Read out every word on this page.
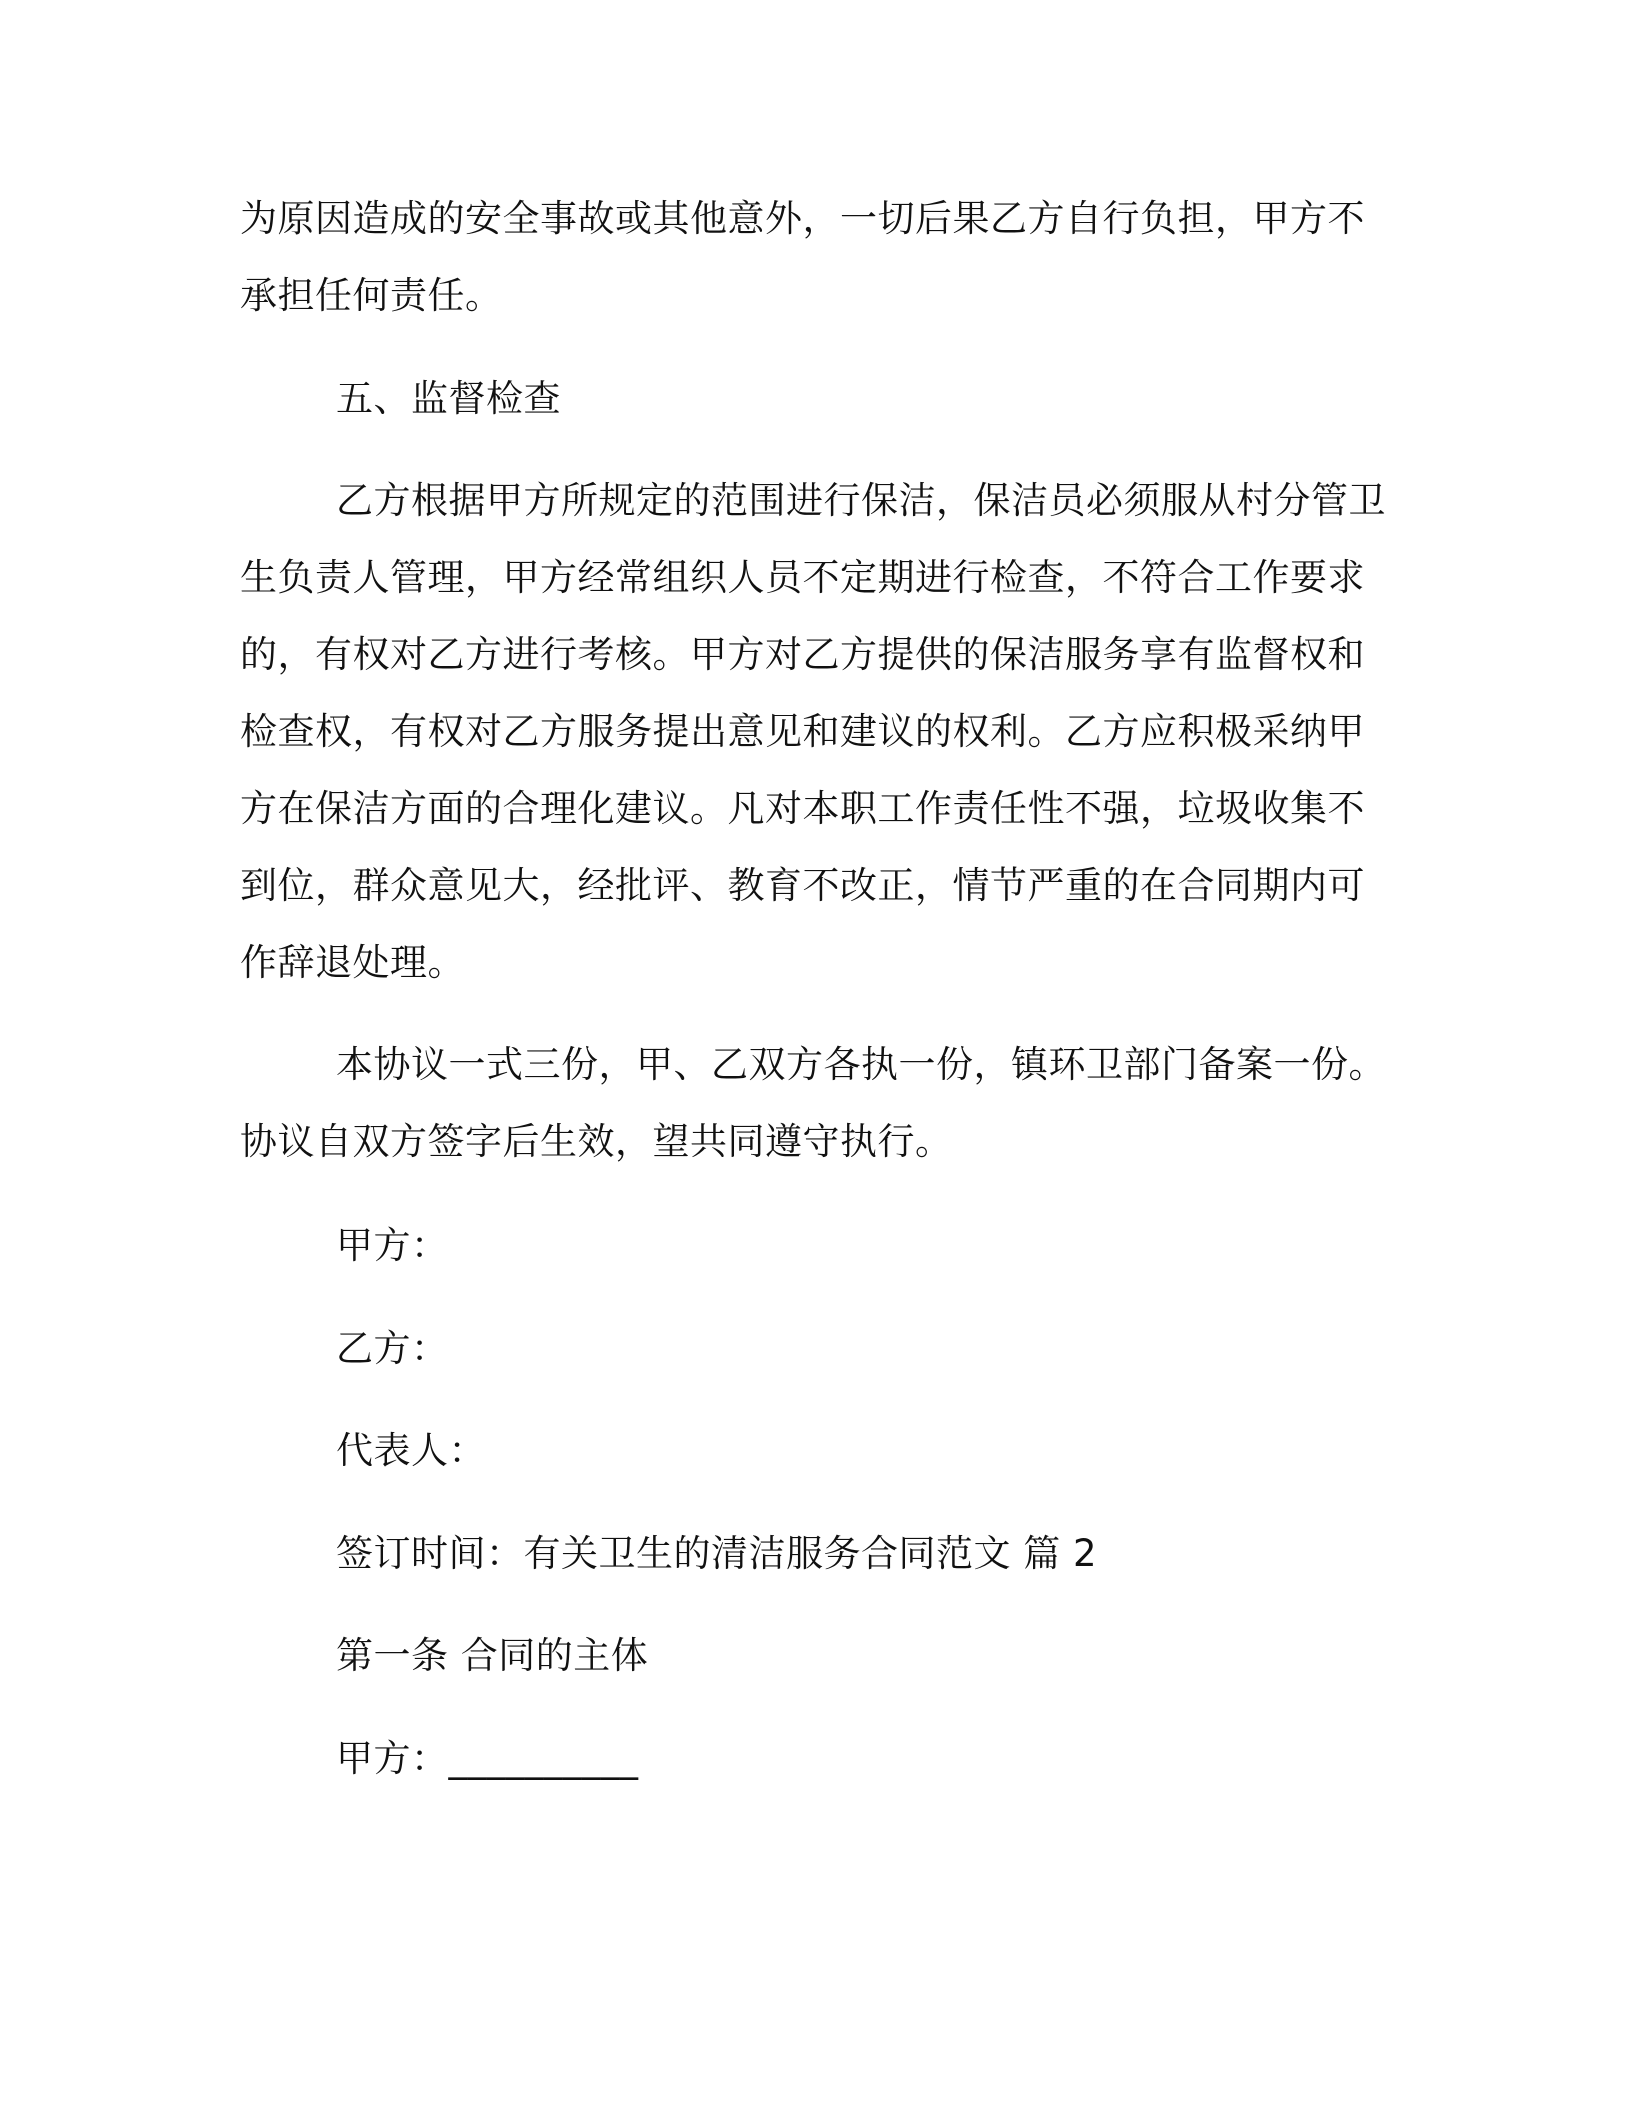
为原因造成的安全事故或其他意外，一切后果乙方自行负担，甲方不
承担任何责任。
五、监督检查
乙方根据甲方所规定的范围进行保洁，保洁员必须服从村分管卫
生负责人管理，甲方经常组织人员不定期进行检查，不符合工作要求
的，有权对乙方进行考核。甲方对乙方提供的保洁服务享有监督权和
检查权，有权对乙方服务提出意见和建议的权利。乙方应积极采纳甲
方在保洁方面的合理化建议。凡对本职工作责任性不强，垃圾收集不
到位，群众意见大，经批评、教育不改正，情节严重的在合同期内可
作辞退处理。
本协议一式三份，甲、乙双方各执一份，镇环卫部门备案一份。
协议自双方签字后生效，望共同遵守执行。
甲方：
乙方：
代表人：
签订时间：有关卫生的清洁服务合同范文 篇 2
第一条 合同的主体
甲方：__________
